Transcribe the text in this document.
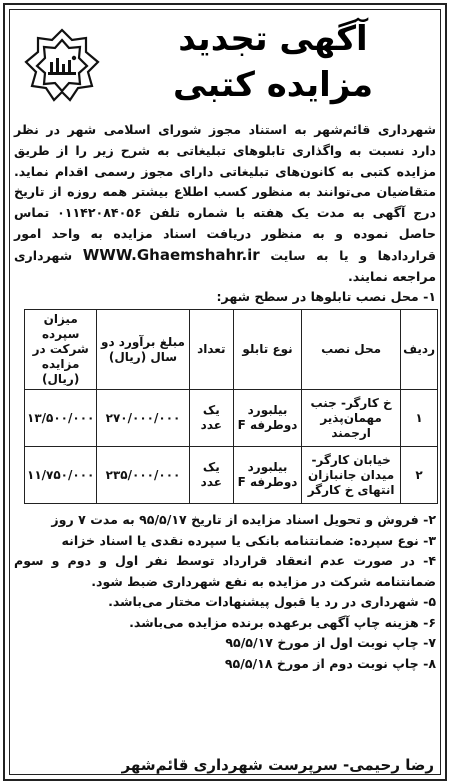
آگهی تجدید
مزایده کتبی
شهرداری قائم‌شهر به استناد مجوز شورای اسلامی شهر در نظر دارد نسبت به واگذاری تابلوهای تبلیغاتی به شرح زیر را از طریق مزایده کتبی به کانون‌های تبلیغاتی دارای مجوز رسمی اقدام نماید. متقاضیان می‌توانند به منظور کسب اطلاع بیشتر همه روزه از تاریخ درج آگهی به مدت یک هفته با شماره تلفن ۰۱۱۴۲۰۸۴۰۵۶ تماس حاصل نموده و به منظور دریافت اسناد مزایده به واحد امور قراردادها و یا به سایت WWW.Ghaemshahr.ir شهرداری مراجعه نمایند.
۱- محل نصب تابلوها در سطح شهر:
ردیف	محل نصب	نوع تابلو	تعداد	مبلغ برآورد دو سال (ریال)	میزان سپرده شرکت در مزایده (ریال)
۱	خ کارگر- جنب مهمان‌پذیر ارجمند	بیلبورد دوطرفه F	یک عدد	۲۷۰/۰۰۰/۰۰۰	۱۳/۵۰۰/۰۰۰
۲	خیابان کارگر- میدان جانبازان انتهای خ کارگر	بیلبورد دوطرفه F	یک عدد	۲۳۵/۰۰۰/۰۰۰	۱۱/۷۵۰/۰۰۰
۲- فروش و تحویل اسناد مزایده از تاریخ ۹۵/۵/۱۷ به مدت ۷ روز
۳- نوع سپرده: ضمانتنامه بانکی یا سپرده نقدی یا اسناد خزانه
۴- در صورت عدم انعقاد قرارداد توسط نفر اول و دوم و سوم ضمانتنامه شرکت در مزایده به نفع شهرداری ضبط شود.
۵- شهرداری در رد یا قبول پیشنهادات مختار می‌باشد.
۶- هزینه چاپ آگهی برعهده برنده مزایده می‌باشد.
۷- چاپ نوبت اول از مورخ ۹۵/۵/۱۷
۸- چاپ نوبت دوم از مورخ ۹۵/۵/۱۸
رضا رحیمی- سرپرست شهرداری قائم‌شهر
